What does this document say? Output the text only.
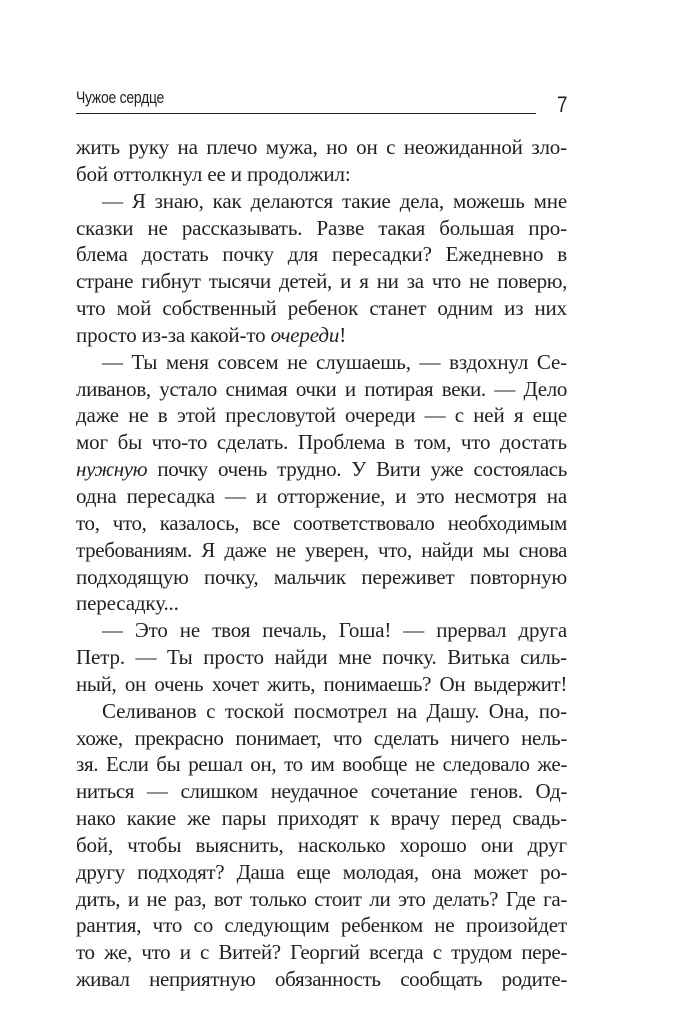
Чужое сердце	7
жить руку на плечо мужа, но он с неожиданной зло-
бой оттолкнул ее и продолжил:
— Я знаю, как делаются такие дела, можешь мне
сказки не рассказывать. Разве такая большая про-
блема достать почку для пересадки? Ежедневно в
стране гибнут тысячи детей, и я ни за что не поверю,
что мой собственный ребенок станет одним из них
просто из-за какой-то очереди!
— Ты меня совсем не слушаешь, — вздохнул Се-
ливанов, устало снимая очки и потирая веки. — Дело
даже не в этой пресловутой очереди — с ней я еще
мог бы что-то сделать. Проблема в том, что достать
нужную почку очень трудно. У Вити уже состоялась
одна пересадка — и отторжение, и это несмотря на
то, что, казалось, все соответствовало необходимым
требованиям. Я даже не уверен, что, найди мы снова
подходящую почку, мальчик переживет повторную
пересадку...
— Это не твоя печаль, Гоша! — прервал друга
Петр. — Ты просто найди мне почку. Витька силь-
ный, он очень хочет жить, понимаешь? Он выдержит!
Селиванов с тоской посмотрел на Дашу. Она, по-
хоже, прекрасно понимает, что сделать ничего нель-
зя. Если бы решал он, то им вообще не следовало же-
ниться — слишком неудачное сочетание генов. Од-
нако какие же пары приходят к врачу перед свадь-
бой, чтобы выяснить, насколько хорошо они друг
другу подходят? Даша еще молодая, она может ро-
дить, и не раз, вот только стоит ли это делать? Где га-
рантия, что со следующим ребенком не произойдет
то же, что и с Витей? Георгий всегда с трудом пере-
живал неприятную обязанность сообщать родите-
